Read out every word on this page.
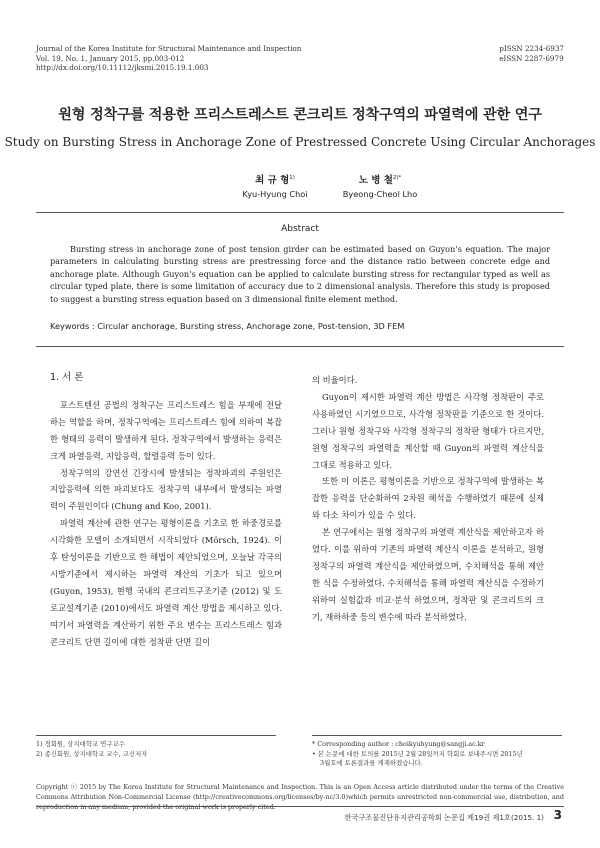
Journal of the Korea Institute for Structural Maintenance and Inspection
Vol. 19, No. 1, January 2015, pp.003-012
http://dx.doi.org/10.11112/jksmi.2015.19.1.003
pISSN 2234-6937
eISSN 2287-6979
원형 정착구를 적용한 프리스트레스트 콘크리트 정착구역의 파열력에 관한 연구
Study on Bursting Stress in Anchorage Zone of Prestressed Concrete Using Circular Anchorages
최 규 형$^{1)}$
Kyu-Hyung Choi
노 병 철$^{2)*}$
Byeong-Cheol Lho
Abstract
Bursting stress in anchorage zone of post tension girder can be estimated based on Guyon’s equation. The major parameters in calculating bursting stress are prestressing force and the distance ratio between concrete edge and anchorage plate. Although Guyon’s equation can be applied to calculate bursting stress for rectangular typed as well as circular typed plate, there is some limitation of accuracy due to 2 dimensional analysis. Therefore this study is proposed to suggest a bursting stress equation based on 3 dimensional finite element method.
Keywords : Circular anchorage, Bursting stress, Anchorage zone, Post-tension, 3D FEM
1. 서 론

포스트텐션 공법의 정착구는 프리스트레스 힘을 부재에 전달하는 역할을 하며, 정착구역에는 프리스트레스 힘에 의하여 복잡한 형태의 응력이 발생하게 된다. 정착구역에서 발생하는 응력은 크게 파열응력, 지압응력, 할렬응력 등이 있다.

정착구역의 강연선 긴장시에 발생되는 정착파괴의 주원인은 지압응력에 의한 파괴보다도 정착구역 내부에서 발생되는 파열력이 주원인이다 (Chung and Koo, 2001).

파열력 계산에 관한 연구는 평형이론을 기초로 한 하중경로를 시각화한 모델이 소개되면서 시작되었다 (Mörsch, 1924). 이후 탄성이론을 기반으로 한 해법이 제안되었으며, 오늘날 각국의 시방기준에서 제시하는 파열력 계산의 기초가 되고 있으며 (Guyon, 1953), 현행 국내의 콘크리트구조기준 (2012) 및 도로교설계기준 (2010)에서도 파열력 계산 방법을 제시하고 있다. 여기서 파열력을 계산하기 위한 주요 변수는 프리스트레스 힘과 콘크리트 단면 길이에 대한 정착판 단면 길이

의 비율이다.

Guyon이 제시한 파열력 계산 방법은 사각형 정착판이 주로 사용하였던 시기였으므로, 사각형 정착판을 기준으로 한 것이다. 그러나 원형 정착구와 사각형 정착구의 정착판 형태가 다르지만, 원형 정착구의 파열력을 계산할 때 Guyon의 파열력 계산식을 그대로 적용하고 있다.

또한 이 이론은 평형이론을 기반으로 정착구역에 발생하는 복잡한 응력을 단순화하여 2차원 해석을 수행하였기 때문에 실제와 다소 차이가 있을 수 있다.

본 연구에서는 원형 정착구의 파열력 계산식을 제안하고자 하였다. 이를 위하여 기존의 파열력 계산식 이론을 분석하고, 원형 정착구의 파열력 계산식을 제안하였으며, 수치해석을 통해 제안한 식을 수정하였다. 수치해석을 통해 파열력 계산식을 수정하기 위하여 실험값과 비교·분석 하였으며, 정착판 및 콘크리트의 크기, 재하하중 등의 변수에 따라 분석하였다.

1) 정회원, 상지대학교 연구교수
2) 종신회원, 상지대학교 교수, 교신저자
* Corresponding author : choikyuhyung@sangji.ac.kr
• 본 논문에 대한 토의를 2015년 2월 28일까지 학회로 보내주시면 2015년
3월호에 토론결과를 게재하겠습니다.
Copyright ⓒ 2015 by The Korea Institute for Structural Maintenance and Inspection. This is an Open Access article distributed under the terms of the Creative Commons Attribution Non-Commercial License (http://creativecommons.org/licenses/by-nc/3.0)which permits unrestricted non-commercial use, distribution, and reproduction in any medium, provided the original work is properly cited.
한국구조물진단유지관리공학회 논문집 제19권 제1호(2015. 1) 3
